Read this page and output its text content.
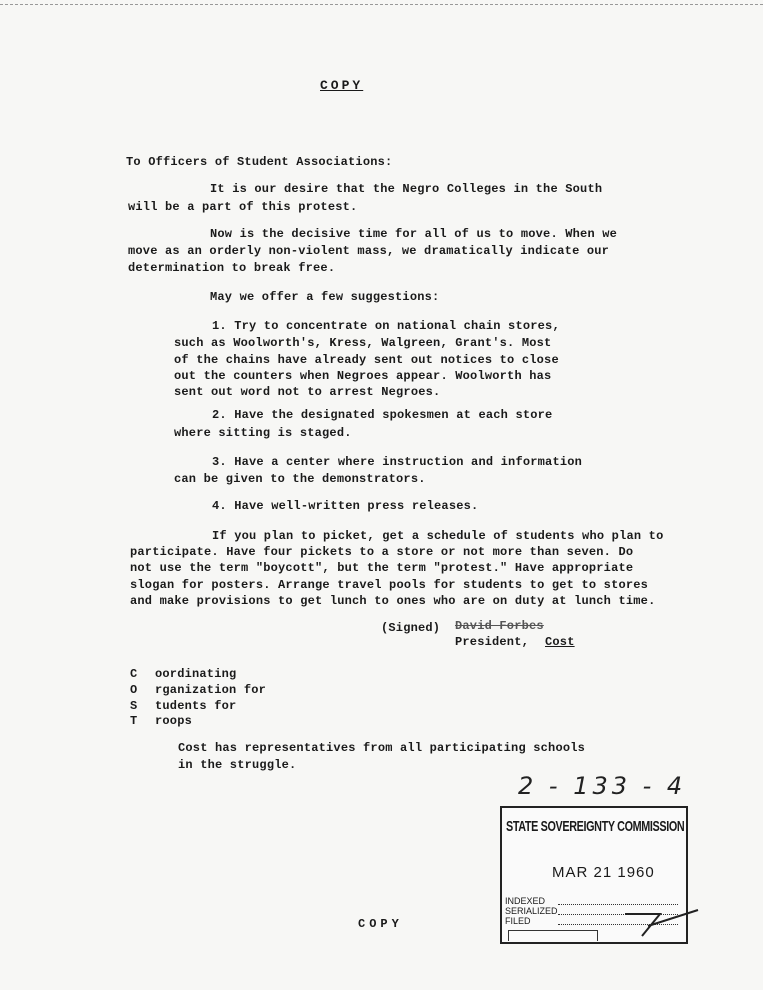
COPY
To Officers of Student Associations:
It is our desire that the Negro Colleges in the South
will be a part of this protest.
Now is the decisive time for all of us to move. When we
move as an orderly non-violent mass, we dramatically indicate our
determination to break free.
May we offer a few suggestions:
1. Try to concentrate on national chain stores,
such as Woolworth's, Kress, Walgreen, Grant's. Most
of the chains have already sent out notices to close
out the counters when Negroes appear. Woolworth has
sent out word not to arrest Negroes.
2. Have the designated spokesmen at each store
where sitting is staged.
3. Have a center where instruction and information
can be given to the demonstrators.
4. Have well-written press releases.
If you plan to picket, get a schedule of students who plan to
participate. Have four pickets to a store or not more than seven. Do
not use the term "boycott", but the term "protest." Have appropriate
slogan for posters. Arrange travel pools for students to get to stores
and make provisions to get lunch to ones who are on duty at lunch time.
(Signed) David Forbes
President, Cost
C oordinating
O rganization for
S tudents for
T roops
Cost has representatives from all participating schools
in the struggle.
COPY
2 - 133 - 4
STATE SOVEREIGNTY COMMISSION
MAR 21 1960
INDEXED
SERIALIZED
FILED
